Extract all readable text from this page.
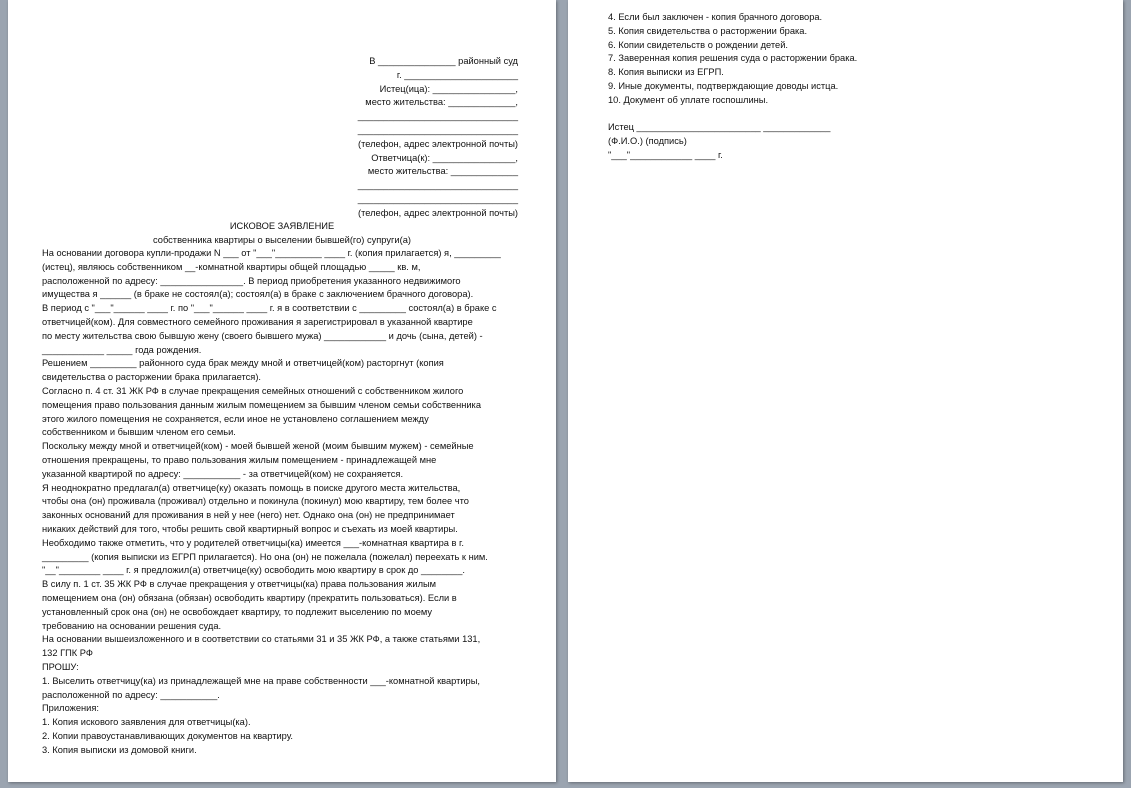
В _______________ районный суд
г. ______________________
Истец(ица): ________________,
место жительства: _____________,
_______________________________
_______________________________
(телефон, адрес электронной почты)
Ответчица(к): ________________,
место жительства: _____________
_______________________________
_______________________________
(телефон, адрес электронной почты)
ИСКОВОЕ ЗАЯВЛЕНИЕ
собственника квартиры о выселении бывшей(го) супруги(а)
На основании договора купли-продажи N ___ от "___"_________ ____ г. (копия прилагается) я, _________
(истец), являюсь собственником __-комнатной квартиры общей площадью _____ кв. м,
расположенной по адресу: ________________. В период приобретения указанного недвижимого
имущества я ______ (в браке не состоял(а); состоял(а) в браке с заключением брачного договора).
В период с "___"______ ____ г. по "___"______ ____ г. я в соответствии с _________ состоял(а) в браке с
ответчицей(ком). Для совместного семейного проживания я зарегистрировал в указанной квартире
по месту жительства свою бывшую жену (своего бывшего мужа) ____________ и дочь (сына, детей) -
____________ _____ года рождения.
Решением _________ районного суда брак между мной и ответчицей(ком) расторгнут (копия
свидетельства о расторжении брака прилагается).
Согласно п. 4 ст. 31 ЖК РФ в случае прекращения семейных отношений с собственником жилого
помещения право пользования данным жилым помещением за бывшим членом семьи собственника
этого жилого помещения не сохраняется, если иное не установлено соглашением между
собственником и бывшим членом его семьи.
Поскольку между мной и ответчицей(ком) - моей бывшей женой (моим бывшим мужем) - семейные
отношения прекращены, то право пользования жилым помещением - принадлежащей мне
указанной квартирой по адресу: ___________ - за ответчицей(ком) не сохраняется.
Я неоднократно предлагал(а) ответчице(ку) оказать помощь в поиске другого места жительства,
чтобы она (он) проживала (проживал) отдельно и покинула (покинул) мою квартиру, тем более что
законных оснований для проживания в ней у нее (него) нет. Однако она (он) не предпринимает
никаких действий для того, чтобы решить свой квартирный вопрос и съехать из моей квартиры.
Необходимо также отметить, что у родителей ответчицы(ка) имеется ___-комнатная квартира в г.
_________ (копия выписки из ЕГРП прилагается). Но она (он) не пожелала (пожелал) переехать к ним.
"__"________ ____ г. я предложил(а) ответчице(ку) освободить мою квартиру в срок до ________.
В силу п. 1 ст. 35 ЖК РФ в случае прекращения у ответчицы(ка) права пользования жилым
помещением она (он) обязана (обязан) освободить квартиру (прекратить пользоваться). Если в
установленный срок она (он) не освобождает квартиру, то подлежит выселению по моему
требованию на основании решения суда.
На основании вышеизложенного и в соответствии со статьями 31 и 35 ЖК РФ, а также статьями 131,
132 ГПК РФ
ПРОШУ:
1. Выселить ответчицу(ка) из принадлежащей мне на праве собственности ___-комнатной квартиры,
расположенной по адресу: ___________.
Приложения:
1. Копия искового заявления для ответчицы(ка).
2. Копии правоустанавливающих документов на квартиру.
3. Копия выписки из домовой книги.
4. Если был заключен - копия брачного договора.
5. Копия свидетельства о расторжении брака.
6. Копии свидетельств о рождении детей.
7. Заверенная копия решения суда о расторжении брака.
8. Копия выписки из ЕГРП.
9. Иные документы, подтверждающие доводы истца.
10. Документ об уплате госпошлины.

Истец ________________________ _____________
(Ф.И.О.) (подпись)
"___"____________ ____ г.
